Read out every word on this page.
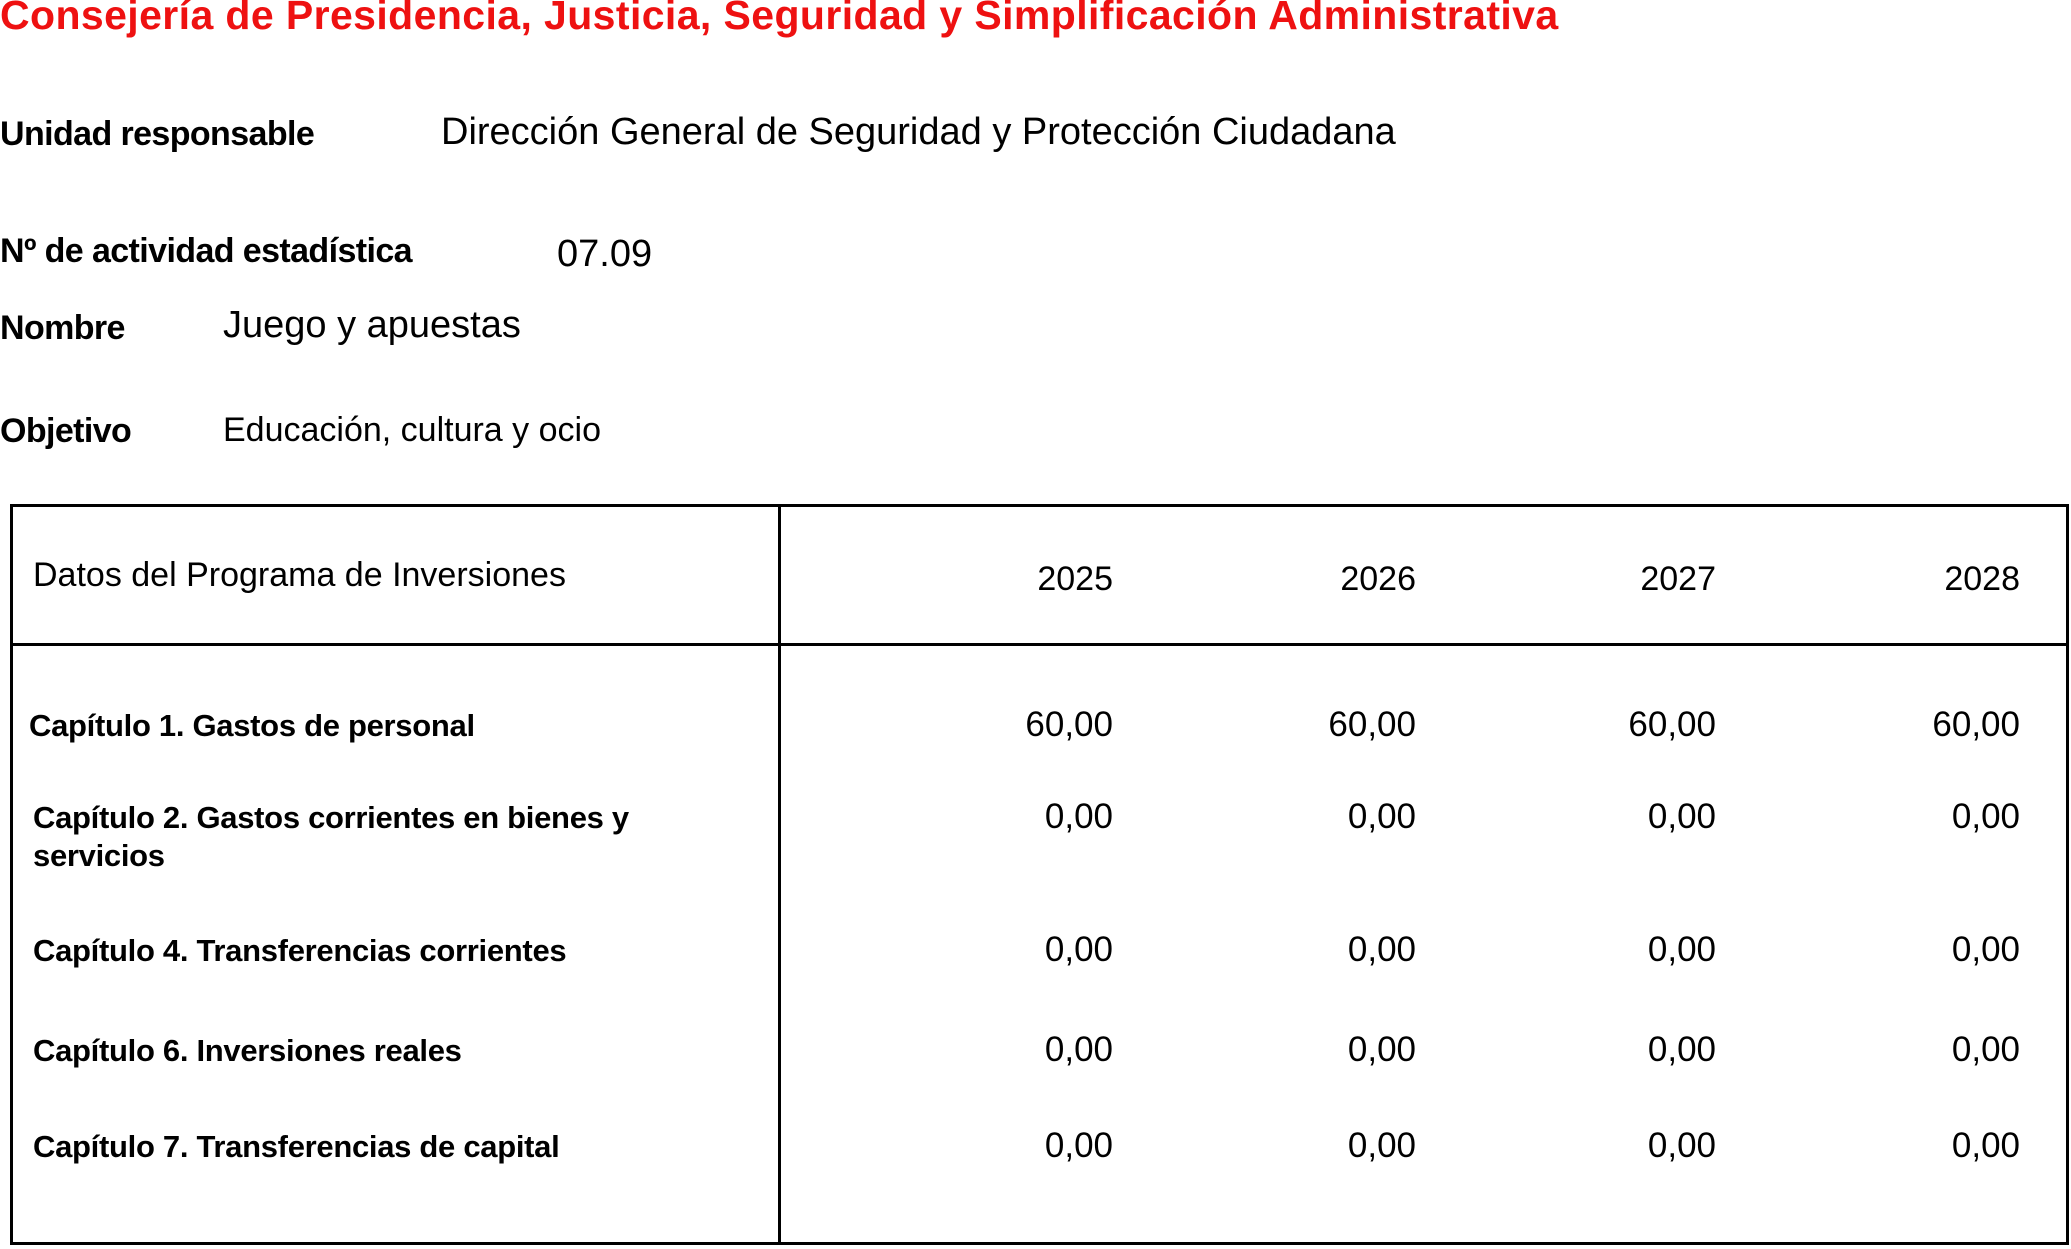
Consejería de Presidencia, Justicia, Seguridad y Simplificación Administrativa
Unidad responsable	Dirección General de Seguridad y Protección Ciudadana
Nº de actividad estadística	07.09
Nombre	Juego y apuestas
Objetivo	Educación, cultura y ocio
Datos del Programa de Inversiones	2025	2026	2027	2028
Capítulo 1. Gastos de personal	60,00	60,00	60,00	60,00
Capítulo 2. Gastos corrientes en bienes y
servicios
0,00	0,00	0,00	0,00
Capítulo 4. Transferencias corrientes	0,00	0,00	0,00	0,00
Capítulo 6. Inversiones reales	0,00	0,00	0,00	0,00
Capítulo 7. Transferencias de capital	0,00	0,00	0,00	0,00
